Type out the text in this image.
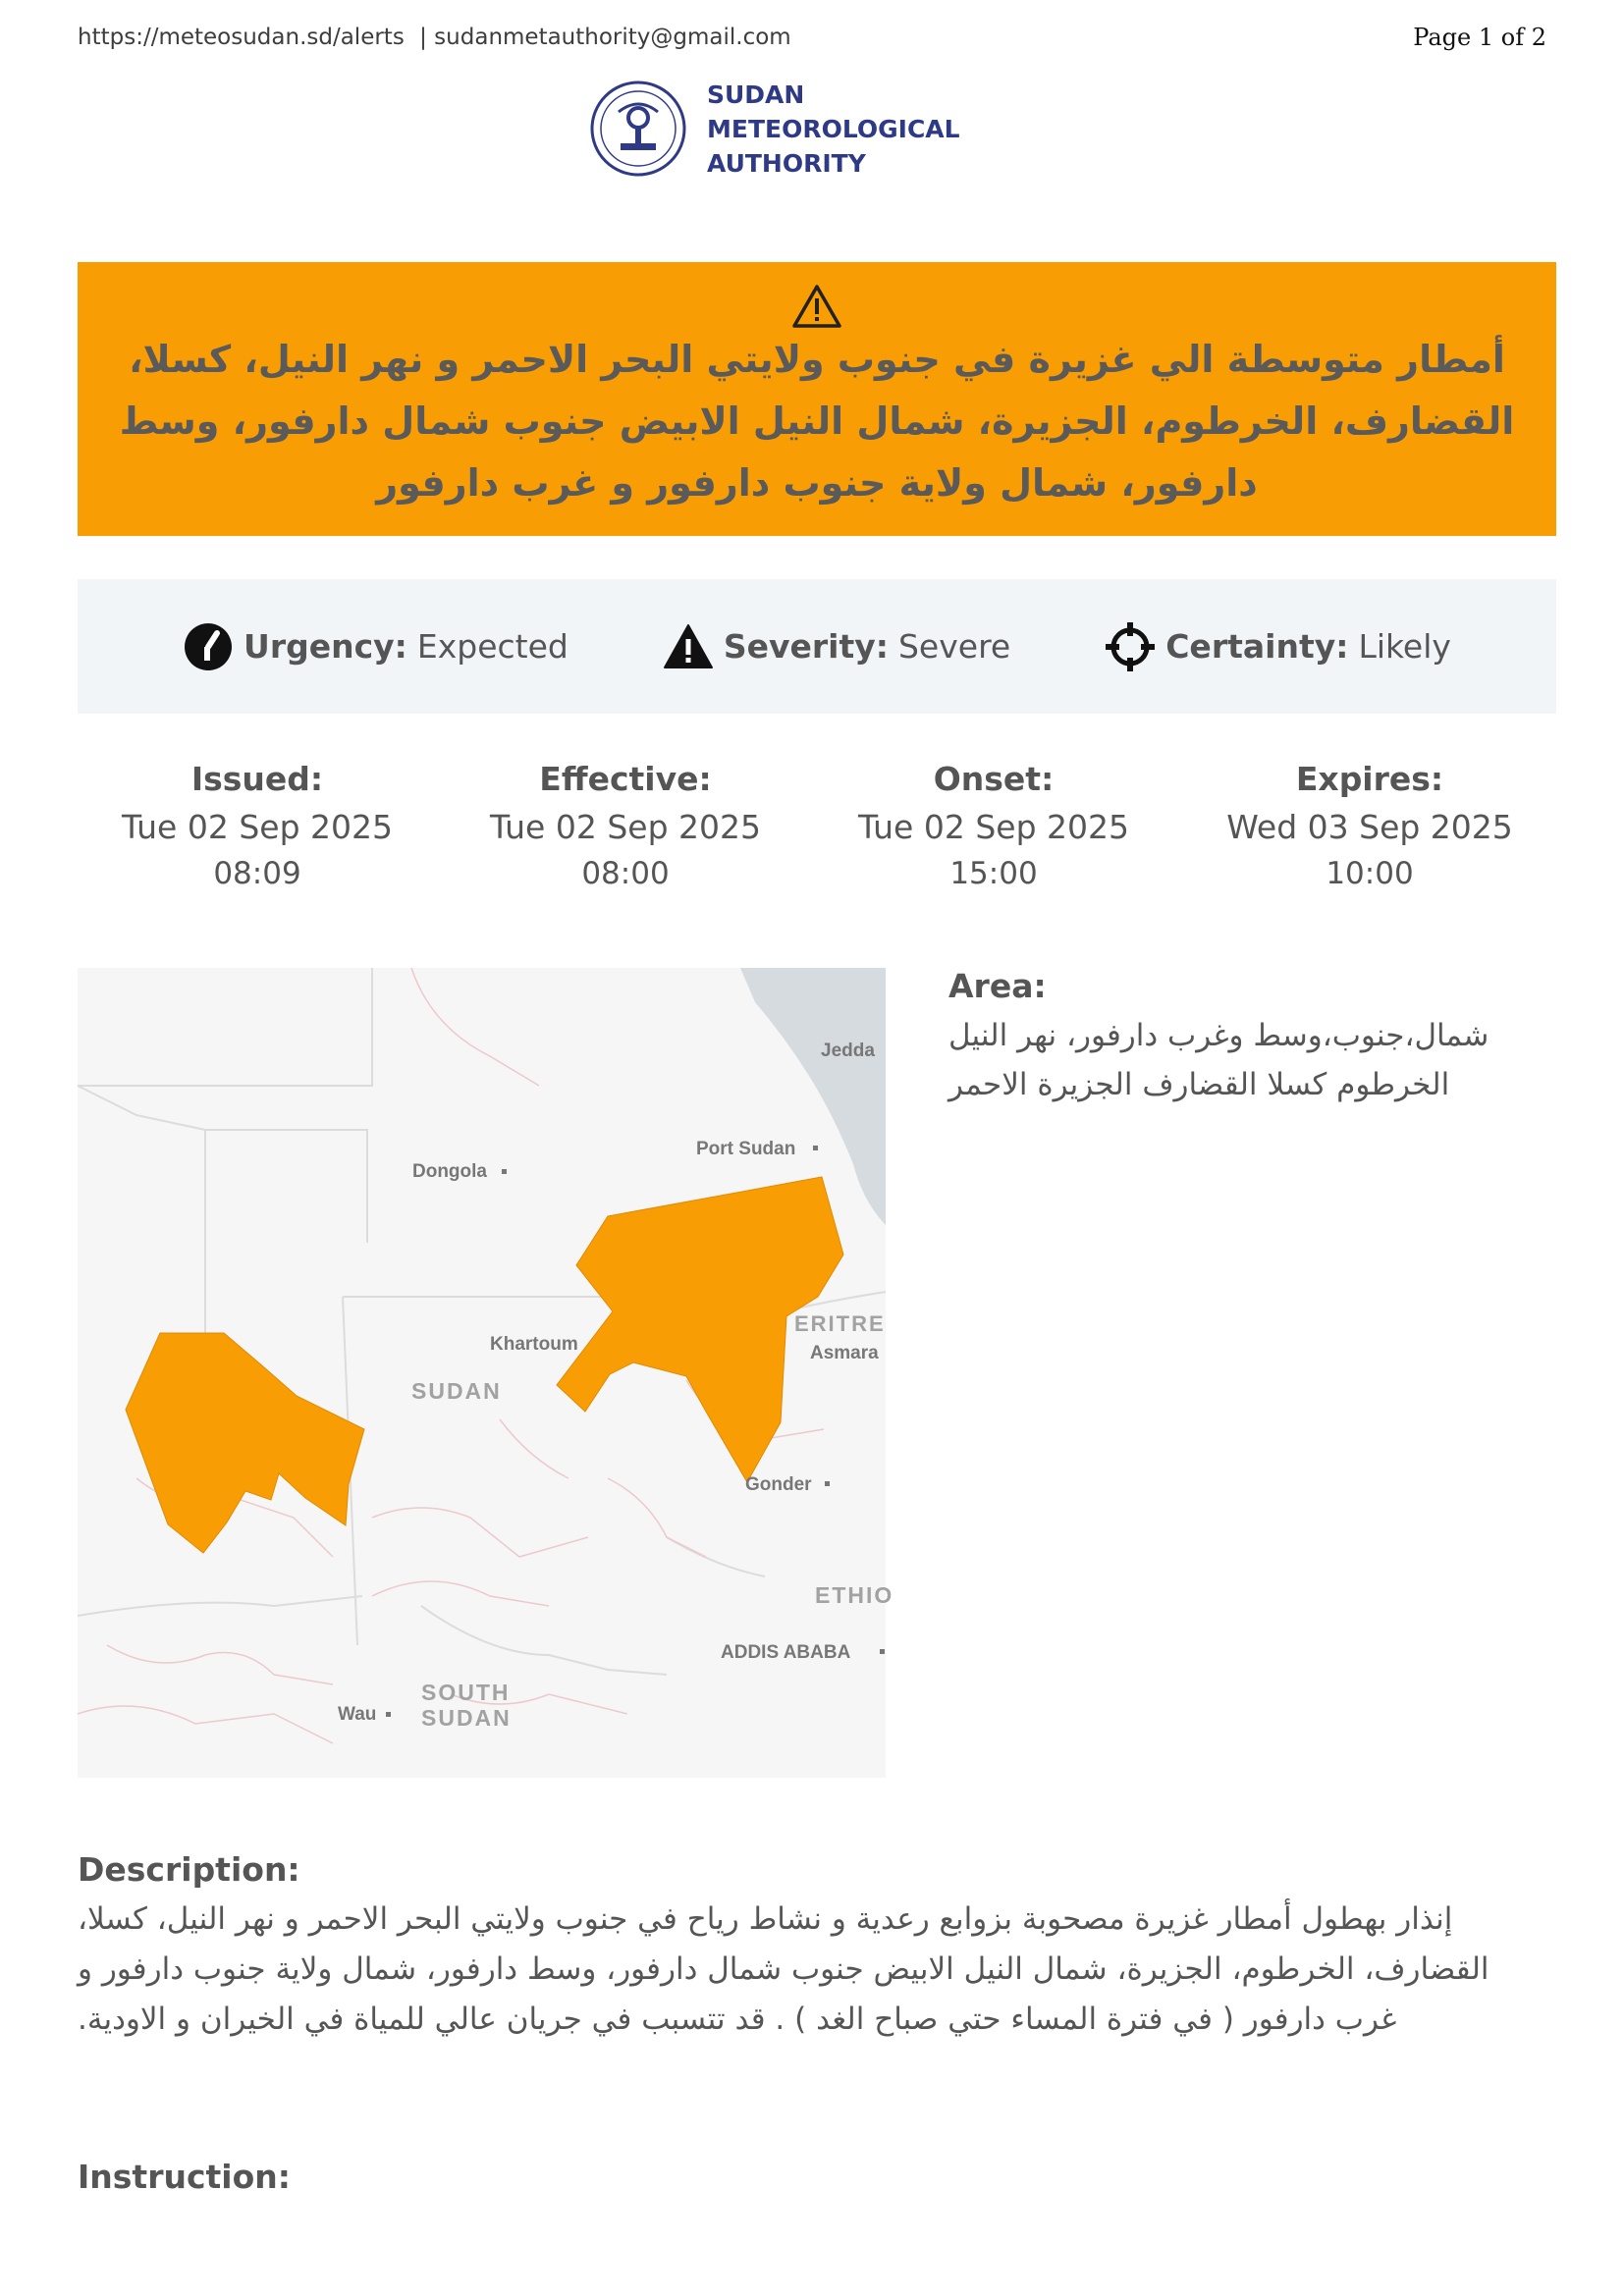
https://meteosudan.sd/alerts | sudanmetauthority@gmail.com	Page 1 of 2
SUDAN
METEOROLOGICAL
AUTHORITY
أمطار متوسطة الي غزيرة في جنوب ولايتي البحر الاحمر و نهر النيل، كسلا، القضارف، الخرطوم، الجزيرة، شمال النيل الابيض جنوب شمال دارفور، وسط دارفور، شمال ولاية جنوب دارفور و غرب دارفور
Urgency: Expected	Severity: Severe	Certainty: Likely
Issued:
Tue 02 Sep 2025
08:09
Effective:
Tue 02 Sep 2025
08:00
Onset:
Tue 02 Sep 2025
15:00
Expires:
Wed 03 Sep 2025
10:00
Jedda
Port Sudan
Dongola
Khartoum
ERITRE
Asmara
SUDAN
Gonder
ETHIO
ADDIS ABABA
SOUTH
SUDAN
Wau
Area:
شمال،جنوب،وسط وغرب دارفور، نهر النيل الخرطوم كسلا القضارف الجزيرة الاحمر
Description:
إنذار بهطول أمطار غزيرة مصحوبة بزوابع رعدية و نشاط رياح في جنوب ولايتي البحر الاحمر و نهر النيل، كسلا، القضارف، الخرطوم، الجزيرة، شمال النيل الابيض جنوب شمال دارفور، وسط دارفور، شمال ولاية جنوب دارفور و غرب دارفور ( في فترة المساء حتي صباح الغد ) . قد تتسبب في جريان عالي للمياة في الخيران و الاودية.
Instruction:
